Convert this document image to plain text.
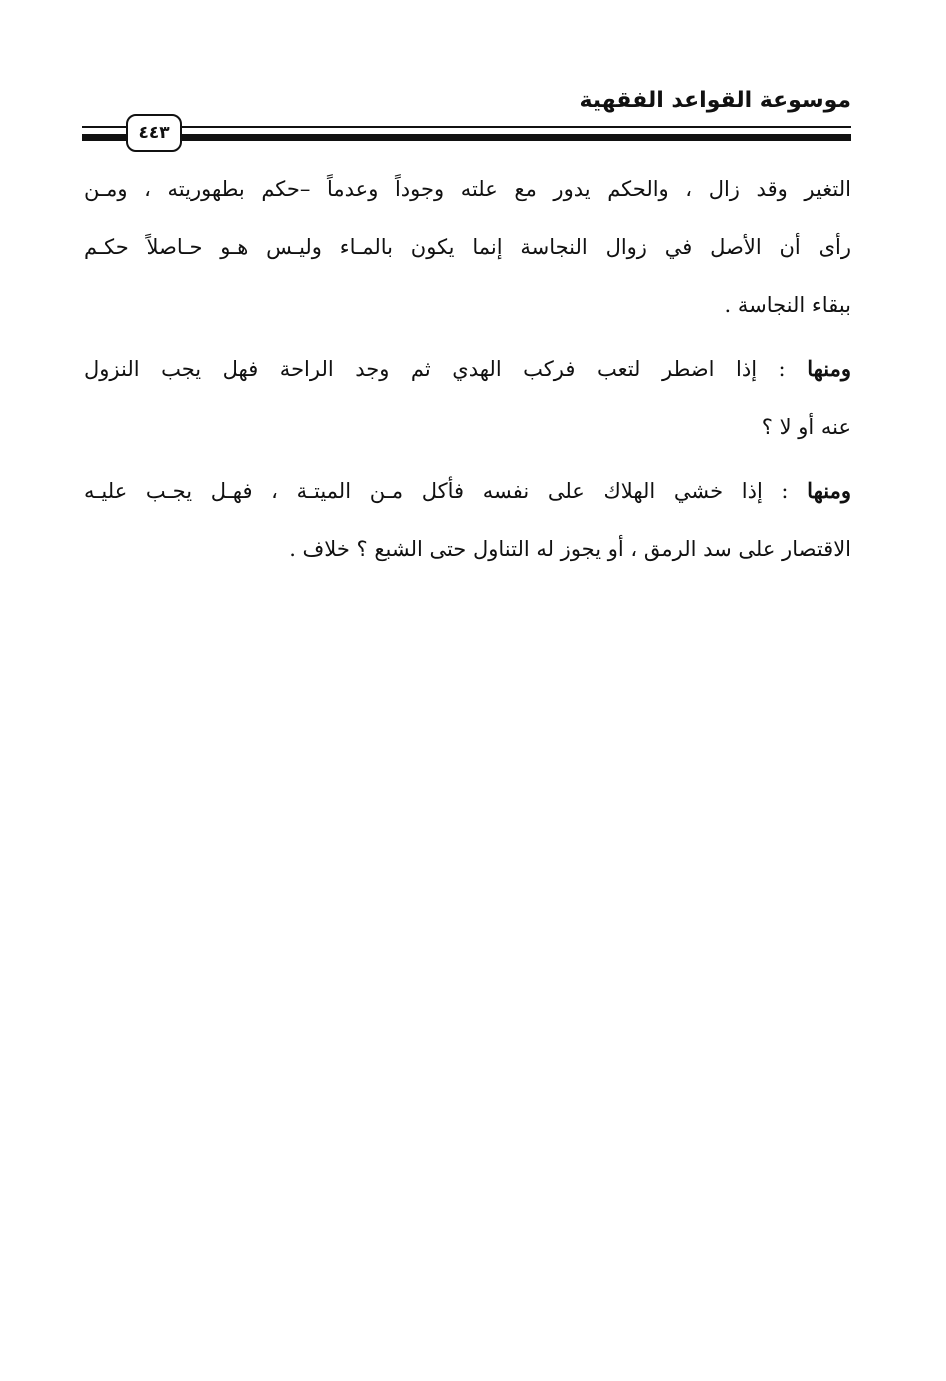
موسوعة القواعد الفقهية
٤٤٣
التغير وقد زال ، والحكم يدور مع علته وجوداً وعدماً –حكم بطهوريته ، ومـن
رأى أن الأصل في زوال النجاسة إنما يكون بالمـاء وليـس هـو حـاصلاً حكـم
ببقاء النجاسة .
ومنها : إذا اضطر لتعب فركب الهدي ثم وجد الراحة فهل يجب النزول
عنه أو لا ؟
ومنها : إذا خشي الهلاك على نفسه فأكل مـن الميتـة ، فهـل يجـب عليـه
الاقتصار على سد الرمق ، أو يجوز له التناول حتى الشبع ؟ خلاف .
